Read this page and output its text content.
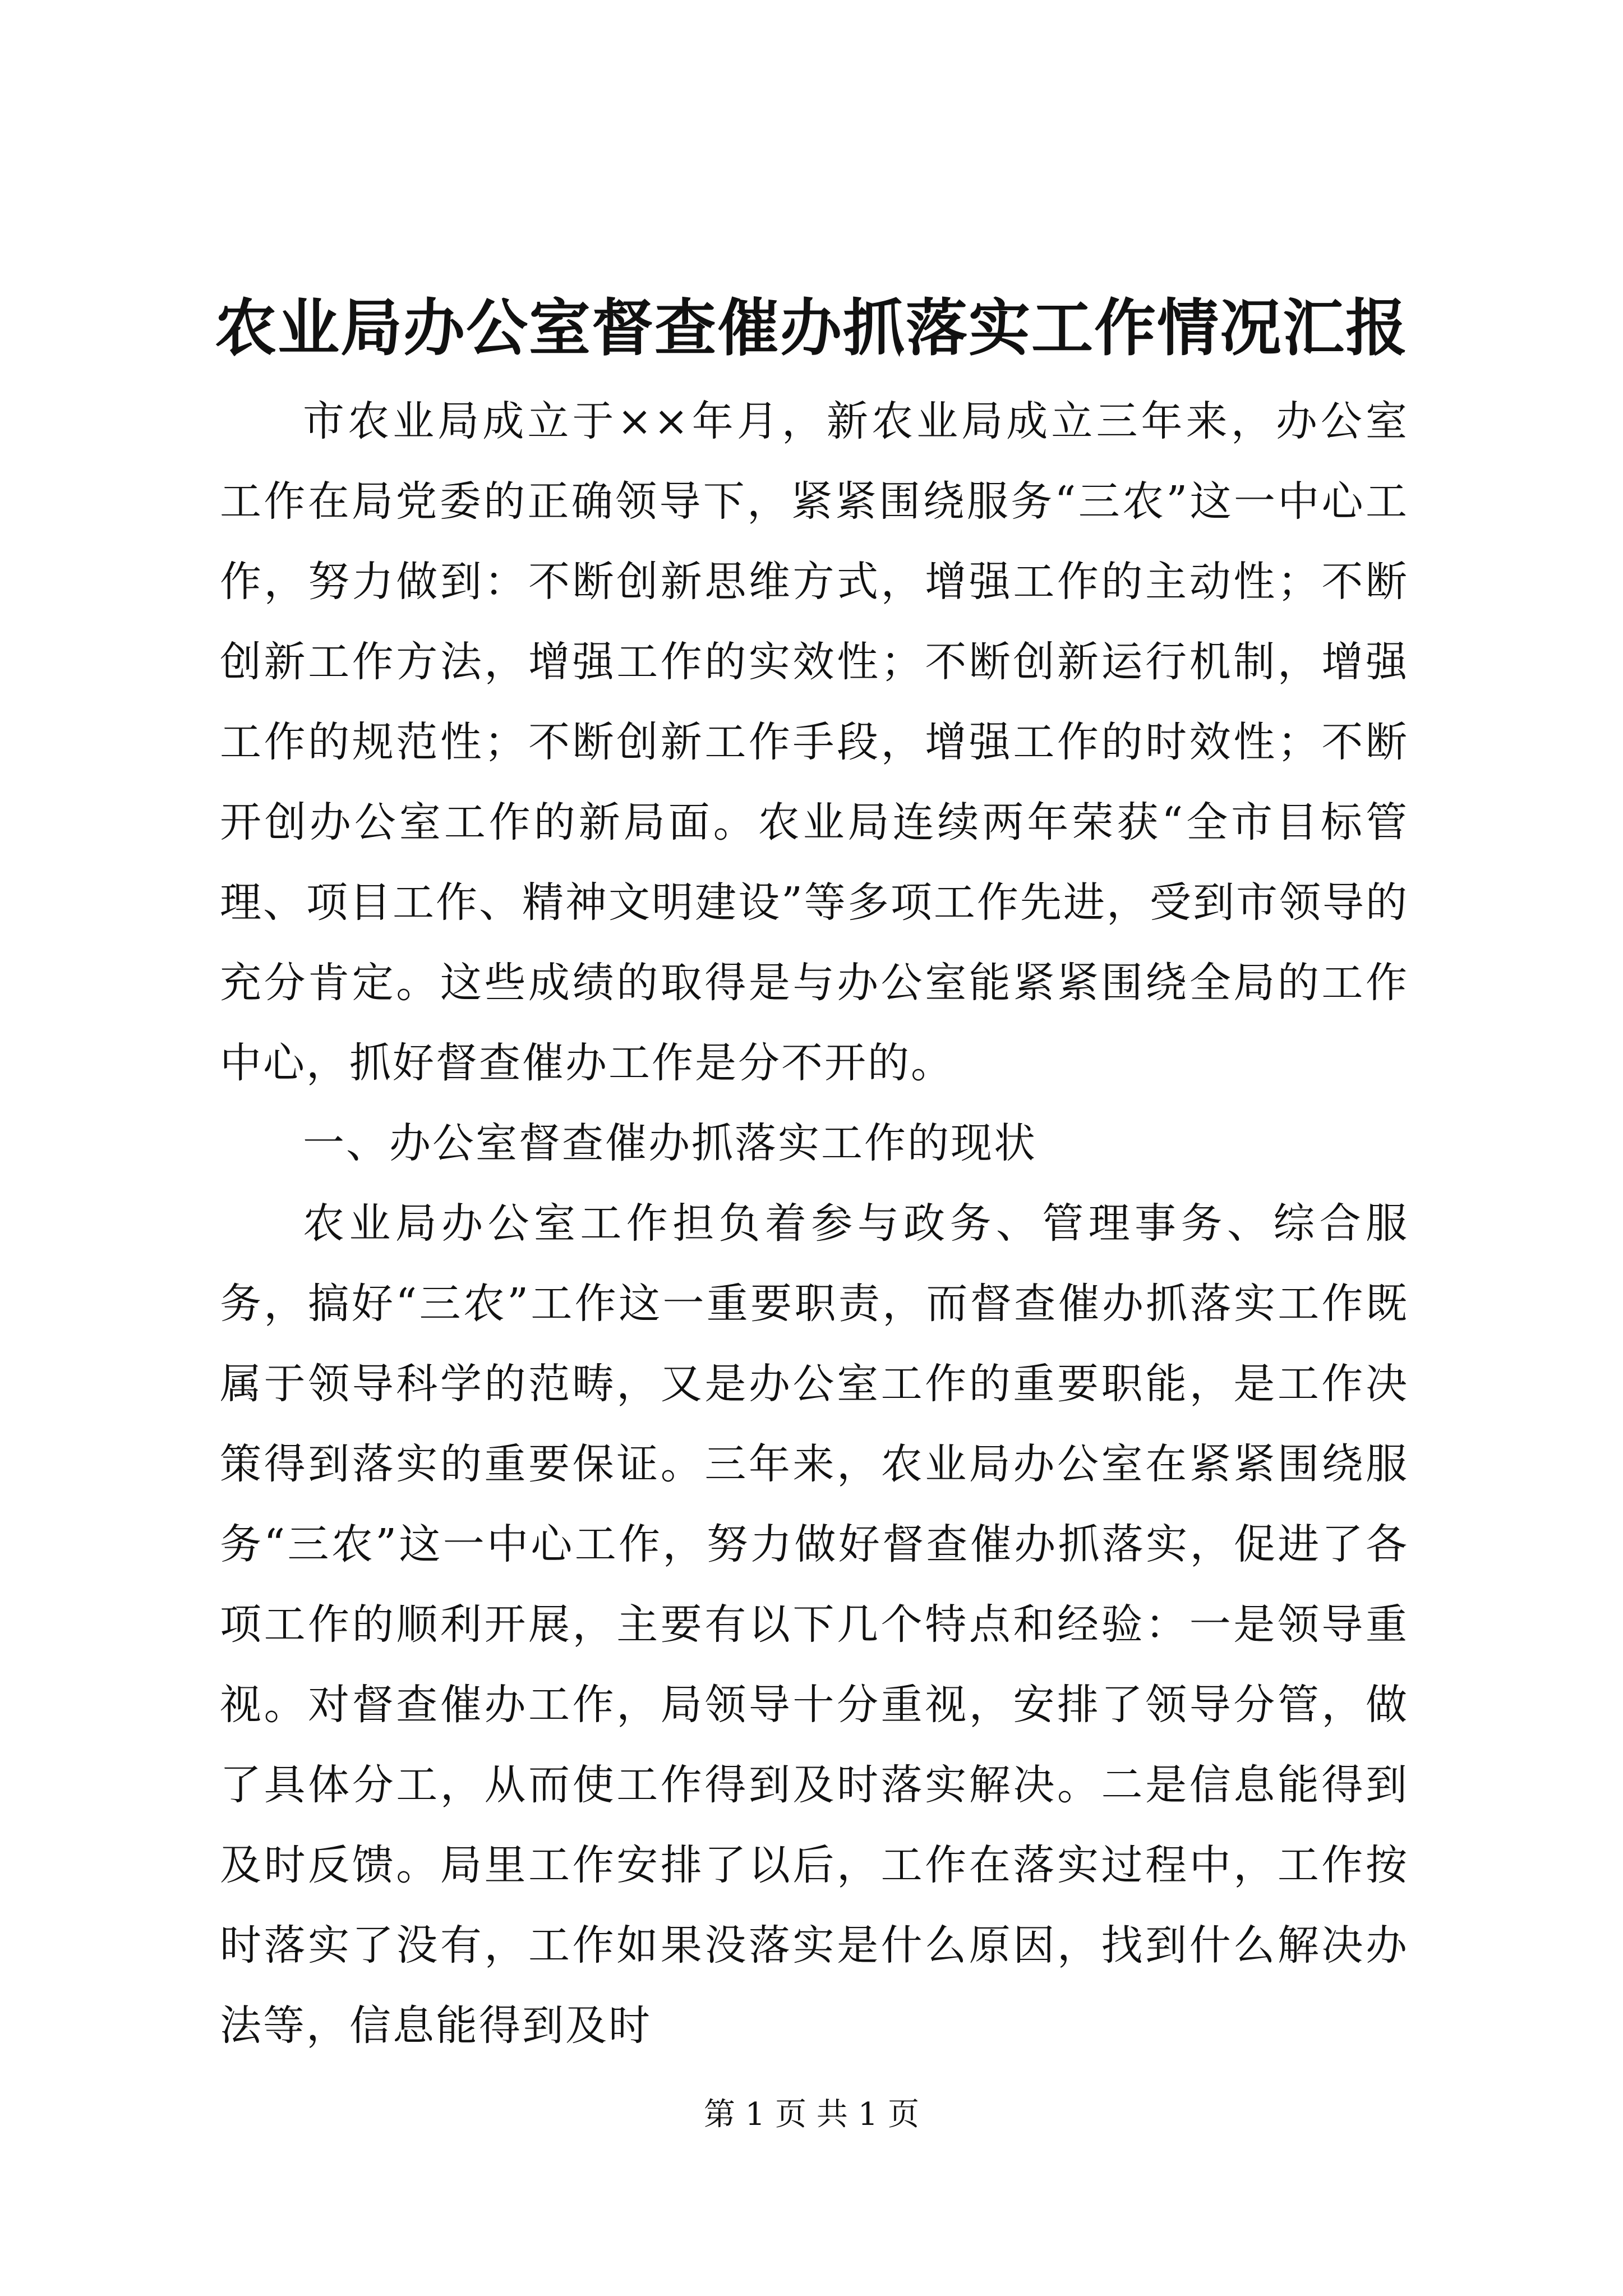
农业局办公室督查催办抓落实工作情况汇报

市农业局成立于××年月，新农业局成立三年来，办公室工作在局党委的正确领导下，紧紧围绕服务“三农”这一中心工作，努力做到：不断创新思维方式，增强工作的主动性；不断创新工作方法，增强工作的实效性；不断创新运行机制，增强工作的规范性；不断创新工作手段，增强工作的时效性；不断开创办公室工作的新局面。农业局连续两年荣获“全市目标管理、项目工作、精神文明建设”等多项工作先进，受到市领导的充分肯定。这些成绩的取得是与办公室能紧紧围绕全局的工作中心，抓好督查催办工作是分不开的。

一、办公室督查催办抓落实工作的现状

农业局办公室工作担负着参与政务、管理事务、综合服务，搞好“三农”工作这一重要职责，而督查催办抓落实工作既属于领导科学的范畴，又是办公室工作的重要职能，是工作决策得到落实的重要保证。三年来，农业局办公室在紧紧围绕服务“三农”这一中心工作，努力做好督查催办抓落实，促进了各项工作的顺利开展，主要有以下几个特点和经验：一是领导重视。对督查催办工作，局领导十分重视，安排了领导分管，做了具体分工，从而使工作得到及时落实解决。二是信息能得到及时反馈。局里工作安排了以后，工作在落实过程中，工作按时落实了没有，工作如果没落实是什么原因，找到什么解决办法等，信息能得到及时

第 1 页 共 1 页
